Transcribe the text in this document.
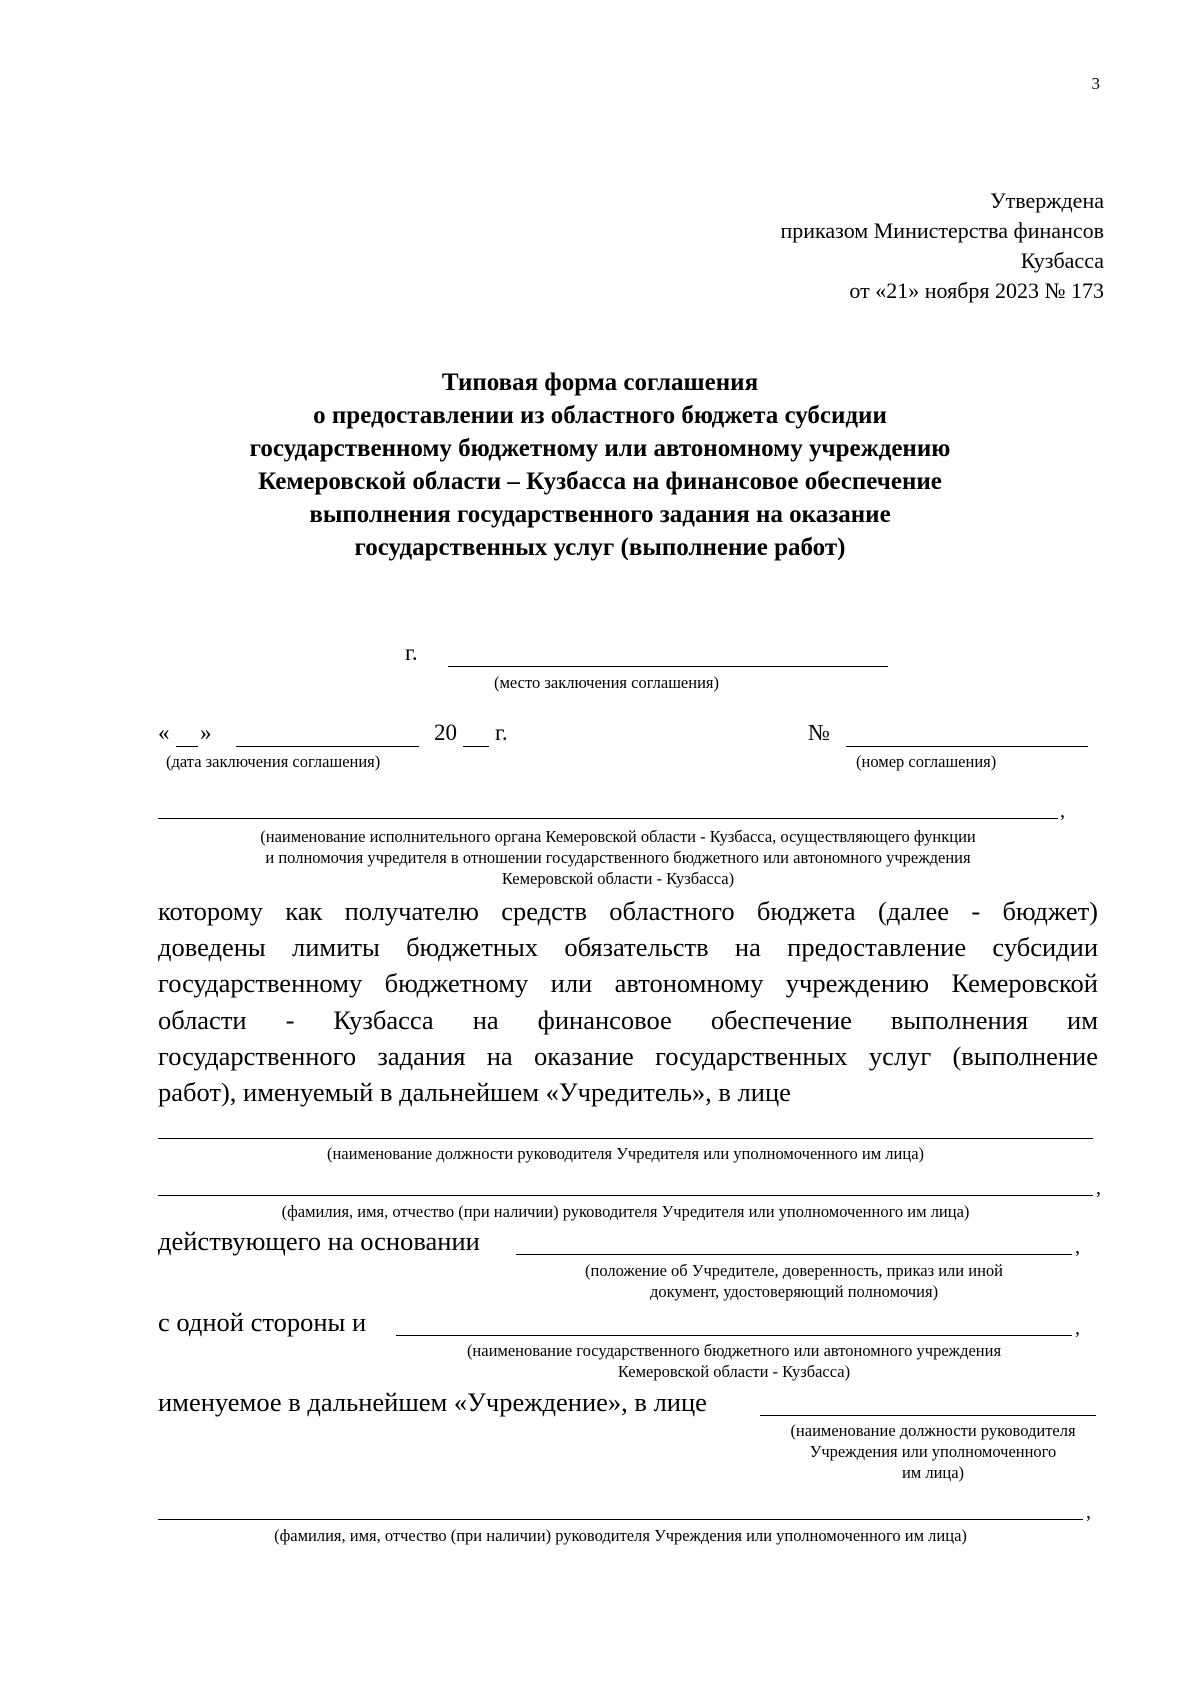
3
Утверждена
приказом Министерства финансов
Кузбасса
от «21» ноября 2023 № 173
Типовая форма соглашения
о предоставлении из областного бюджета субсидии
государственному бюджетному или автономному учреждению
Кемеровской области – Кузбасса на финансовое обеспечение
выполнения государственного задания на оказание
государственных услуг (выполнение работ)
г.
(место заключения соглашения)
« »	20 г.
(дата заключения соглашения)
№
(номер соглашения)
,
(наименование исполнительного органа Кемеровской области - Кузбасса, осуществляющего функции
и полномочия учредителя в отношении государственного бюджетного или автономного учреждения
Кемеровской области - Кузбасса)

которому как получателю средств областного бюджета (далее - бюджет)

доведены лимиты бюджетных обязательств на предоставление субсидии

государственному бюджетному или автономному учреждению Кемеровской

области - Кузбасса на финансовое обеспечение выполнения им

государственного задания на оказание государственных услуг (выполнение

работ), именуемый в дальнейшем «Учредитель», в лице

(наименование должности руководителя Учредителя или уполномоченного им лица)
,
(фамилия, имя, отчество (при наличии) руководителя Учредителя или уполномоченного им лица)
действующего на основании	,
(положение об Учредителе, доверенность, приказ или иной
документ, удостоверяющий полномочия)
с одной стороны и	,
(наименование государственного бюджетного или автономного учреждения
Кемеровской области - Кузбасса)
именуемое в дальнейшем «Учреждение», в лице
(наименование должности руководителя
Учреждения или уполномоченного
им лица)
,
(фамилия, имя, отчество (при наличии) руководителя Учреждения или уполномоченного им лица)
